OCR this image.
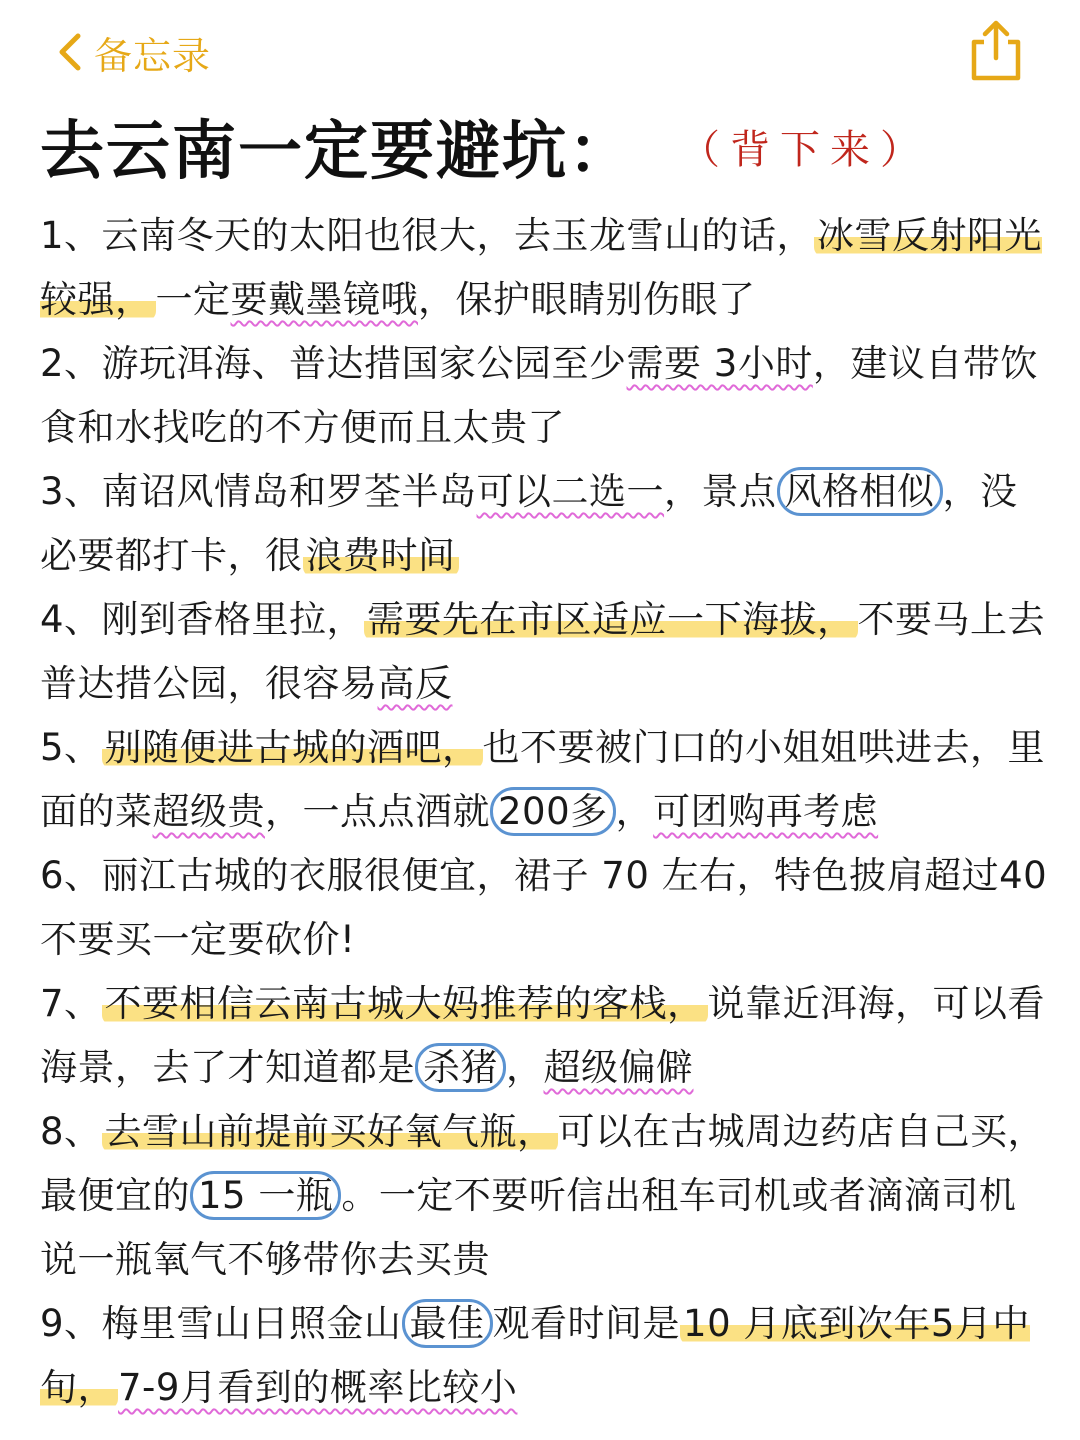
备忘录
去云南一定要避坑： （背下来）
1、云南冬天的太阳也很大，去玉龙雪山的话，冰雪反射阳光较强，一定要戴墨镜哦，保护眼睛别伤眼了
2、游玩洱海、普达措国家公园至少需要 3小时，建议自带饮食和水找吃的不方便而且太贵了
3、南诏风情岛和罗荃半岛可以二选一，景点 风格相似 ，没必要都打卡，很浪费时间
4、刚到香格里拉，需要先在市区适应一下海拔，不要马上去普达措公园，很容易高反
5、别随便进古城的酒吧，也不要被门口的小姐姐哄进去，里面的菜超级贵，一点点酒就 200多 ，可团购再考虑
6、丽江古城的衣服很便宜，裙子 70 左右，特色披肩超过40 不要买一定要砍价!
7、不要相信云南古城大妈推荐的客栈，说靠近洱海，可以看海景，去了才知道都是 杀猪 ，超级偏僻
8、去雪山前提前买好氧气瓶，可以在古城周边药店自己买，最便宜的 15 一瓶 。一定不要听信出租车司机或者滴滴司机说一瓶氧气不够带你去买贵
9、梅里雪山日照金山 最佳 观看时间是10 月底到次年5月中旬，7-9月看到的概率比较小
